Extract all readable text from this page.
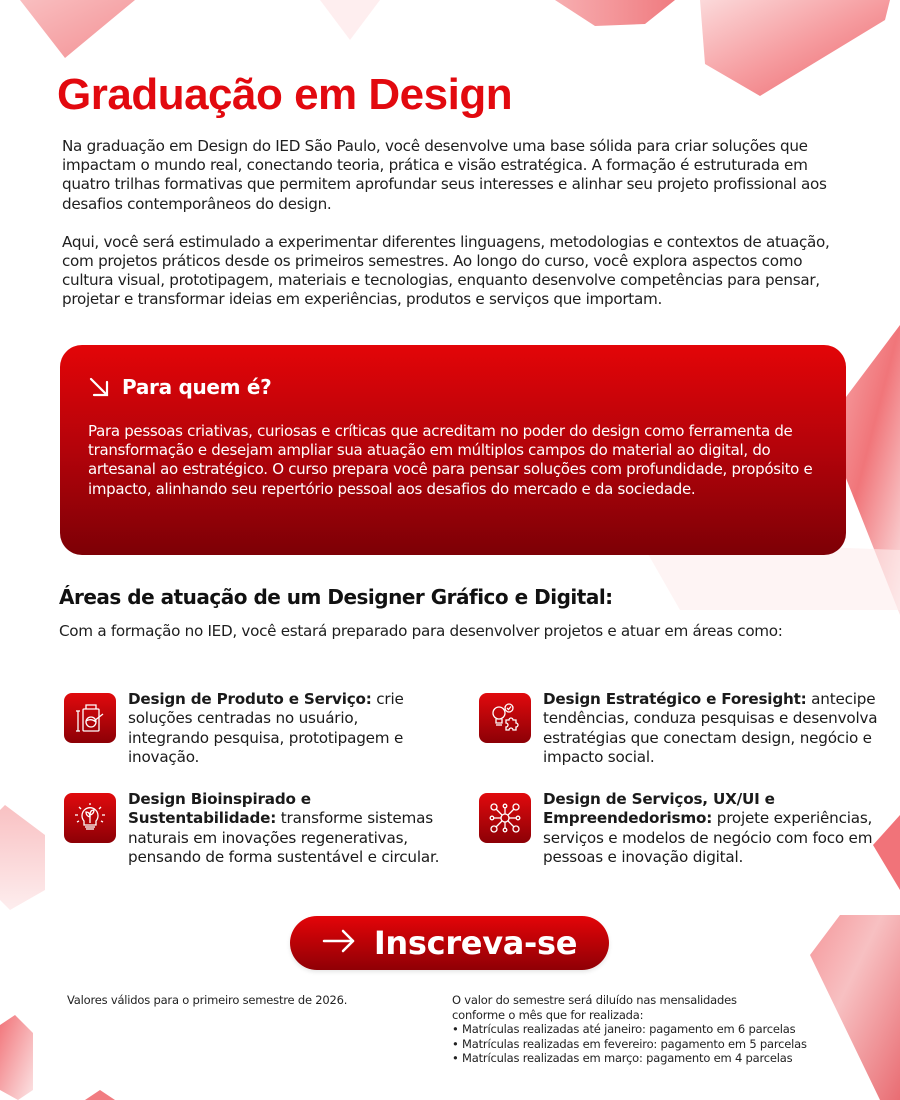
Graduação em Design

Na graduação em Design do IED São Paulo, você desenvolve uma base sólida para criar soluções que impactam o mundo real, conectando teoria, prática e visão estratégica. A formação é estruturada em quatro trilhas formativas que permitem aprofundar seus interesses e alinhar seu projeto profissional aos desafios contemporâneos do design.

Aqui, você será estimulado a experimentar diferentes linguagens, metodologias e contextos de atuação, com projetos práticos desde os primeiros semestres. Ao longo do curso, você explora aspectos como cultura visual, prototipagem, materiais e tecnologias, enquanto desenvolve competências para pensar, projetar e transformar ideias em experiências, produtos e serviços que importam.

Para quem é?

Para pessoas criativas, curiosas e críticas que acreditam no poder do design como ferramenta de transformação e desejam ampliar sua atuação em múltiplos campos do material ao digital, do artesanal ao estratégico. O curso prepara você para pensar soluções com profundidade, propósito e impacto, alinhando seu repertório pessoal aos desafios do mercado e da sociedade.

Áreas de atuação de um Designer Gráfico e Digital:

Com a formação no IED, você estará preparado para desenvolver projetos e atuar em áreas como:

Design de Produto e Serviço: crie soluções centradas no usuário, integrando pesquisa, prototipagem e inovação.
Design Estratégico e Foresight: antecipe tendências, conduza pesquisas e desenvolva estratégias que conectam design, negócio e impacto social.
Design Bioinspirado e Sustentabilidade: transforme sistemas naturais em inovações regenerativas, pensando de forma sustentável e circular.
Design de Serviços, UX/UI e Empreendedorismo: projete experiências, serviços e modelos de negócio com foco em pessoas e inovação digital.
Inscreva-se

Valores válidos para o primeiro semestre de 2026.	O valor do semestre será diluído nas mensalidades
conforme o mês que for realizada:
• Matrículas realizadas até janeiro: pagamento em 6 parcelas
• Matrículas realizadas em fevereiro: pagamento em 5 parcelas
• Matrículas realizadas em março: pagamento em 4 parcelas
